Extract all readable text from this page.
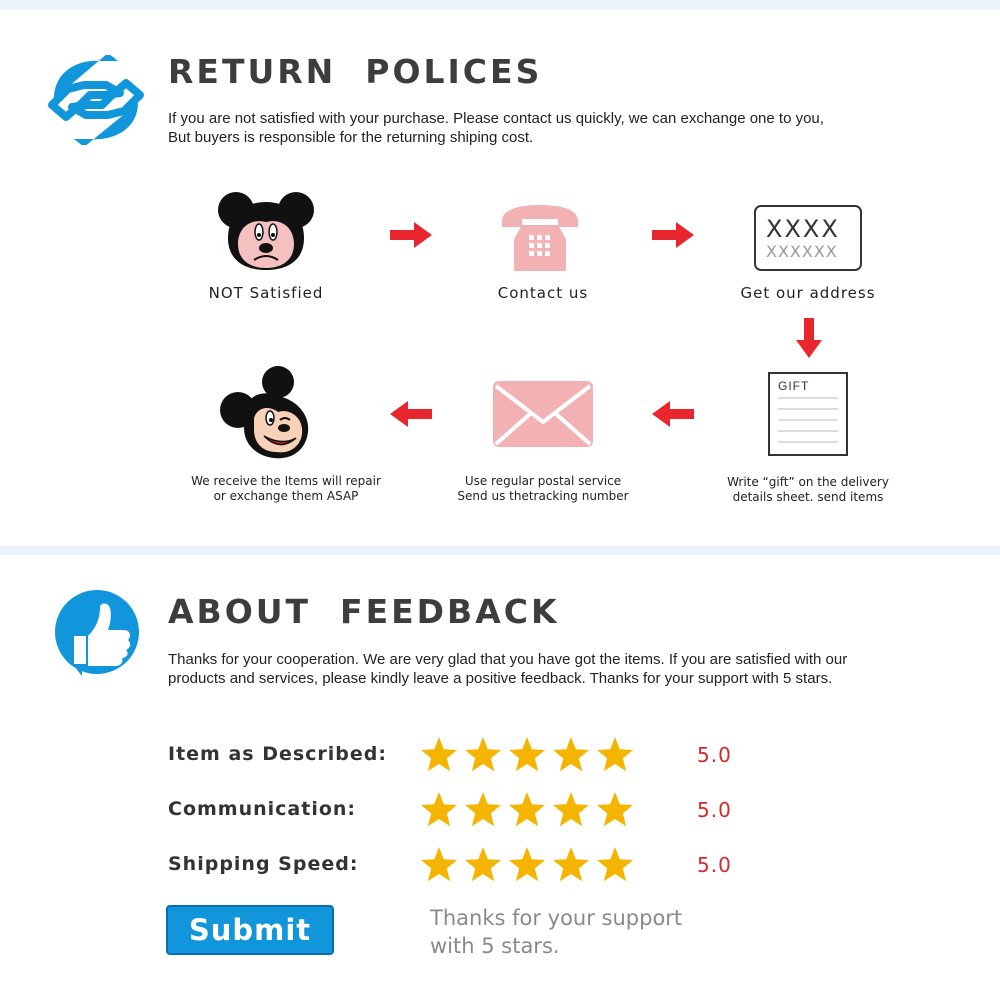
RETURN  POLICES
If you are not satisfied with your purchase. Please contact us quickly, we can exchange one to you,
But buyers is responsible for the returning shiping cost.
NOT Satisfied	Contact us
XXXX
XXXXXX
Get our address
GIFT
Write “gift” on the delivery
details sheet. send items
Use regular postal service
Send us thetracking number
We receive the Items will repair
or exchange them ASAP
ABOUT  FEEDBACK
Thanks for your cooperation. We are very glad that you have got the items. If you are satisfied with our
products and services, please kindly leave a positive feedback. Thanks for your support with 5 stars.
Item as Described:	5.0
Communication:	5.0
Shipping Speed:	5.0
Submit	Thanks for your support
with 5 stars.
